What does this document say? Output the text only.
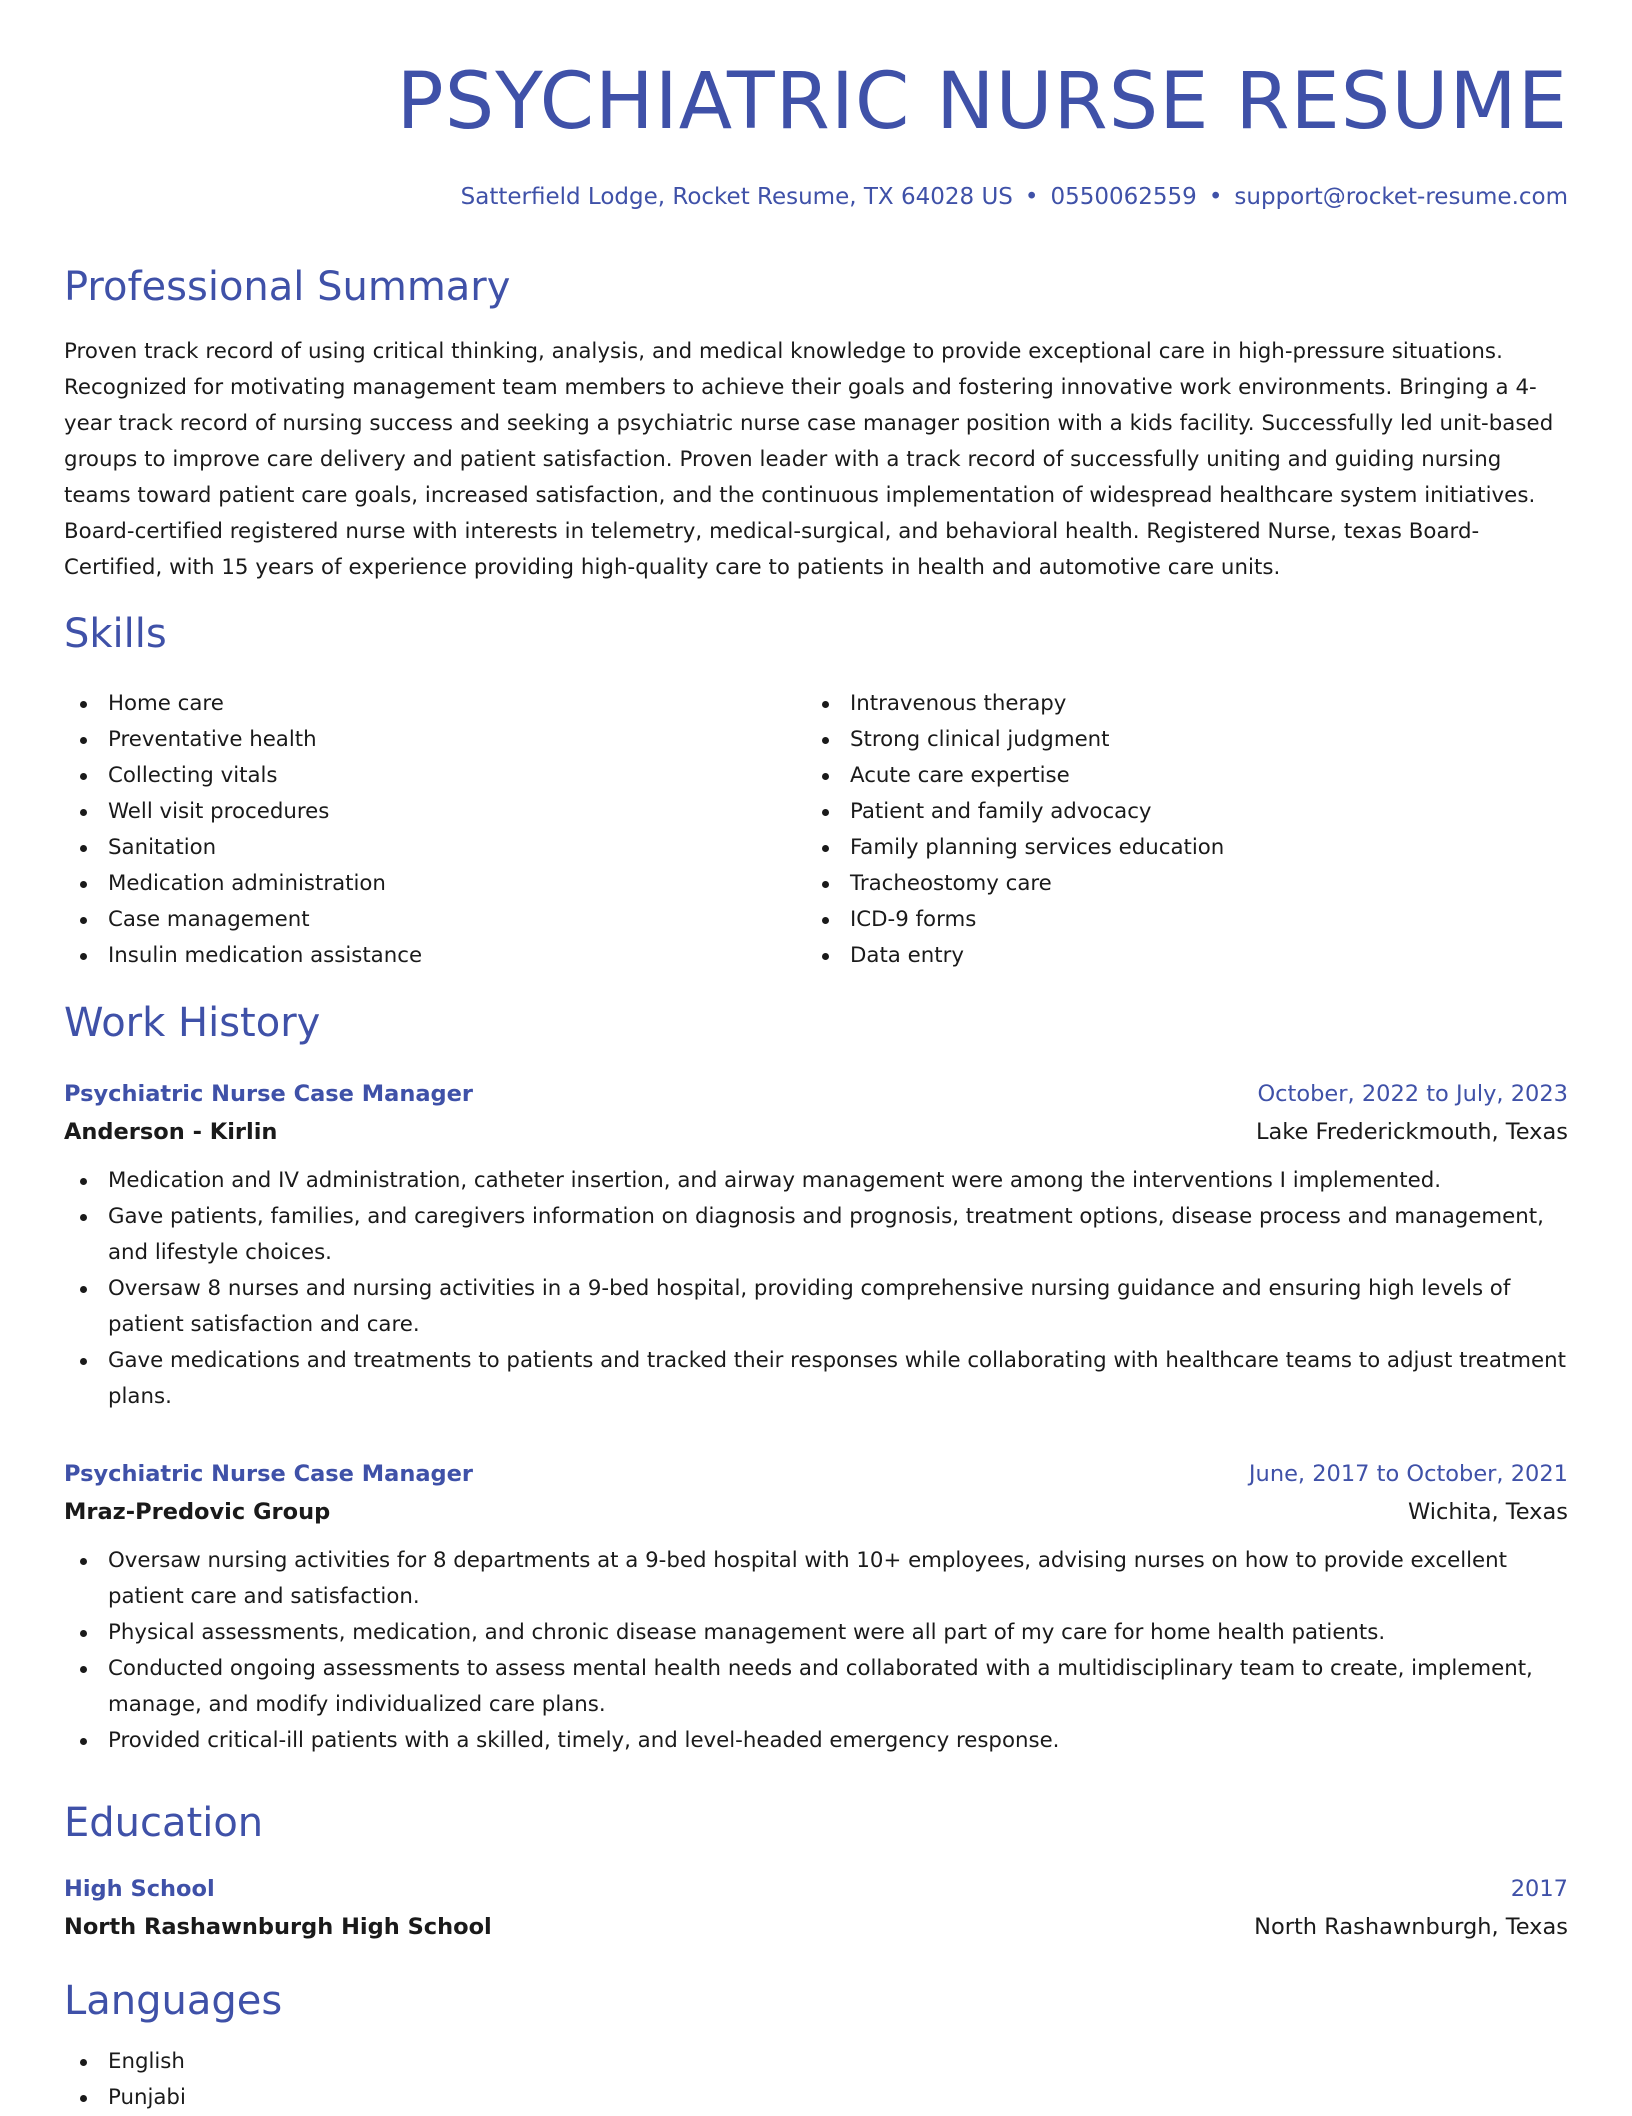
PSYCHIATRIC NURSE RESUME
Satterfield Lodge, Rocket Resume, TX 64028 US • 0550062559 • support@rocket-resume.com
Professional Summary

Proven track record of using critical thinking, analysis, and medical knowledge to provide exceptional care in high-pressure situations. Recognized for motivating management team members to achieve their goals and fostering innovative work environments. Bringing a 4-year track record of nursing success and seeking a psychiatric nurse case manager position with a kids facility. Successfully led unit-based groups to improve care delivery and patient satisfaction. Proven leader with a track record of successfully uniting and guiding nursing teams toward patient care goals, increased satisfaction, and the continuous implementation of widespread healthcare system initiatives. Board-certified registered nurse with interests in telemetry, medical-surgical, and behavioral health. Registered Nurse, texas Board-Certified, with 15 years of experience providing high-quality care to patients in health and automotive care units.

Skills
Home care
Preventative health
Collecting vitals
Well visit procedures
Sanitation
Medication administration
Case management
Insulin medication assistance
Intravenous therapy
Strong clinical judgment
Acute care expertise
Patient and family advocacy
Family planning services education
Tracheostomy care
ICD-9 forms
Data entry
Work History
Psychiatric Nurse Case Manager	October, 2022 to July, 2023
Anderson - Kirlin	Lake Frederickmouth, Texas
Medication and IV administration, catheter insertion, and airway management were among the interventions I implemented.
Gave patients, families, and caregivers information on diagnosis and prognosis, treatment options, disease process and management, and lifestyle choices.
Oversaw 8 nurses and nursing activities in a 9-bed hospital, providing comprehensive nursing guidance and ensuring high levels of patient satisfaction and care.
Gave medications and treatments to patients and tracked their responses while collaborating with healthcare teams to adjust treatment plans.
Psychiatric Nurse Case Manager	June, 2017 to October, 2021
Mraz-Predovic Group	Wichita, Texas
Oversaw nursing activities for 8 departments at a 9-bed hospital with 10+ employees, advising nurses on how to provide excellent patient care and satisfaction.
Physical assessments, medication, and chronic disease management were all part of my care for home health patients.
Conducted ongoing assessments to assess mental health needs and collaborated with a multidisciplinary team to create, implement, manage, and modify individualized care plans.
Provided critical-ill patients with a skilled, timely, and level-headed emergency response.
Education
High School	2017
North Rashawnburgh High School	North Rashawnburgh, Texas
Languages
English
Punjabi
